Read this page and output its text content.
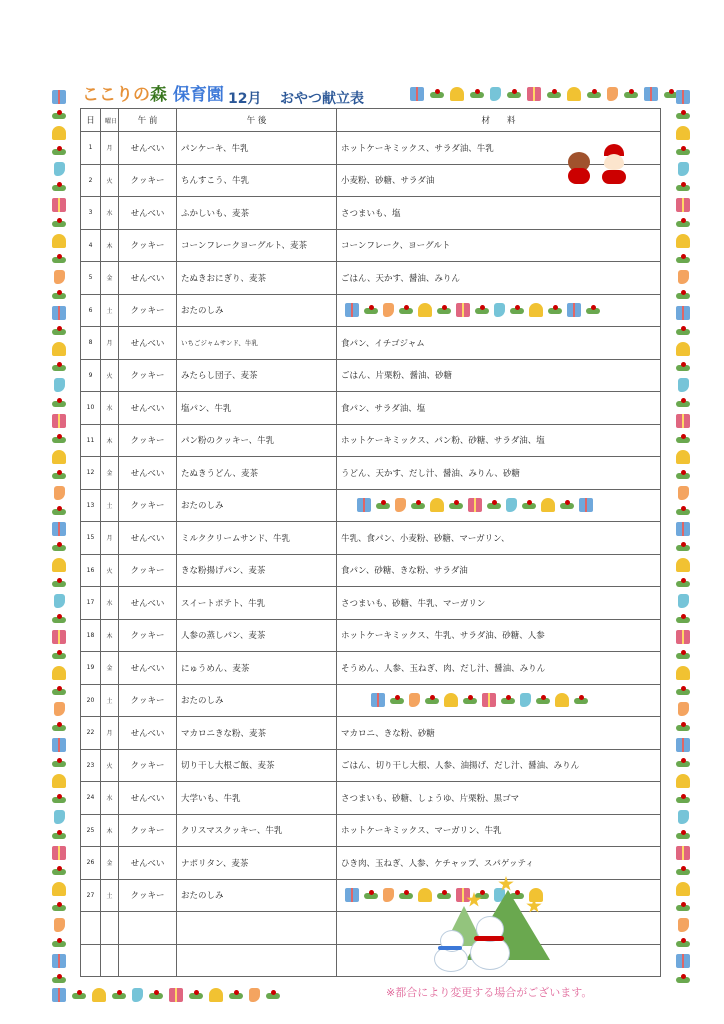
ここりの森 保育園 12月 おやつ献立表
日	曜日	午 前	午 後	材　　料
1	月	せんべい	パンケーキ、牛乳	ホットケーキミックス、サラダ油、牛乳
2	火	クッキー	ちんすこう、牛乳	小麦粉、砂糖、サラダ油
3	水	せんべい	ふかしいも、麦茶	さつまいも、塩
4	木	クッキー	コーンフレークヨーグルト、麦茶	コーンフレーク、ヨーグルト
5	金	せんべい	たぬきおにぎり、麦茶	ごはん、天かす、醤油、みりん
6	土	クッキー	おたのしみ	

8	月	せんべい	いちごジャムサンド、牛乳	食パン、イチゴジャム
9	火	クッキー	みたらし団子、麦茶	ごはん、片栗粉、醤油、砂糖
10	水	せんべい	塩パン、牛乳	食パン、サラダ油、塩
11	木	クッキー	パン粉のクッキー、牛乳	ホットケーキミックス、パン粉、砂糖、サラダ油、塩
12	金	せんべい	たぬきうどん、麦茶	うどん、天かす、だし汁、醤油、みりん、砂糖
13	土	クッキー	おたのしみ	

15	月	せんべい	ミルククリームサンド、牛乳	牛乳、食パン、小麦粉、砂糖、マーガリン、
16	火	クッキー	きな粉揚げパン、麦茶	食パン、砂糖、きな粉、サラダ油
17	水	せんべい	スイートポテト、牛乳	さつまいも、砂糖、牛乳、マーガリン
18	木	クッキー	人参の蒸しパン、麦茶	ホットケーキミックス、牛乳、サラダ油、砂糖、人参
19	金	せんべい	にゅうめん、麦茶	そうめん、人参、玉ねぎ、肉、だし汁、醤油、みりん
20	土	クッキー	おたのしみ	

22	月	せんべい	マカロニきな粉、麦茶	マカロニ、きな粉、砂糖
23	火	クッキー	切り干し大根ご飯、麦茶	ごはん、切り干し大根、人参、油揚げ、だし汁、醤油、みりん
24	水	せんべい	大学いも、牛乳	さつまいも、砂糖、しょうゆ、片栗粉、黒ゴマ
25	木	クッキー	クリスマスクッキー、牛乳	ホットケーキミックス、マーガリン、牛乳
26	金	せんべい	ナポリタン、麦茶	ひき肉、玉ねぎ、人参、ケチャップ、スパゲッティ
27	土	クッキー	おたのしみ	

※都合により変更する場合がございます。
